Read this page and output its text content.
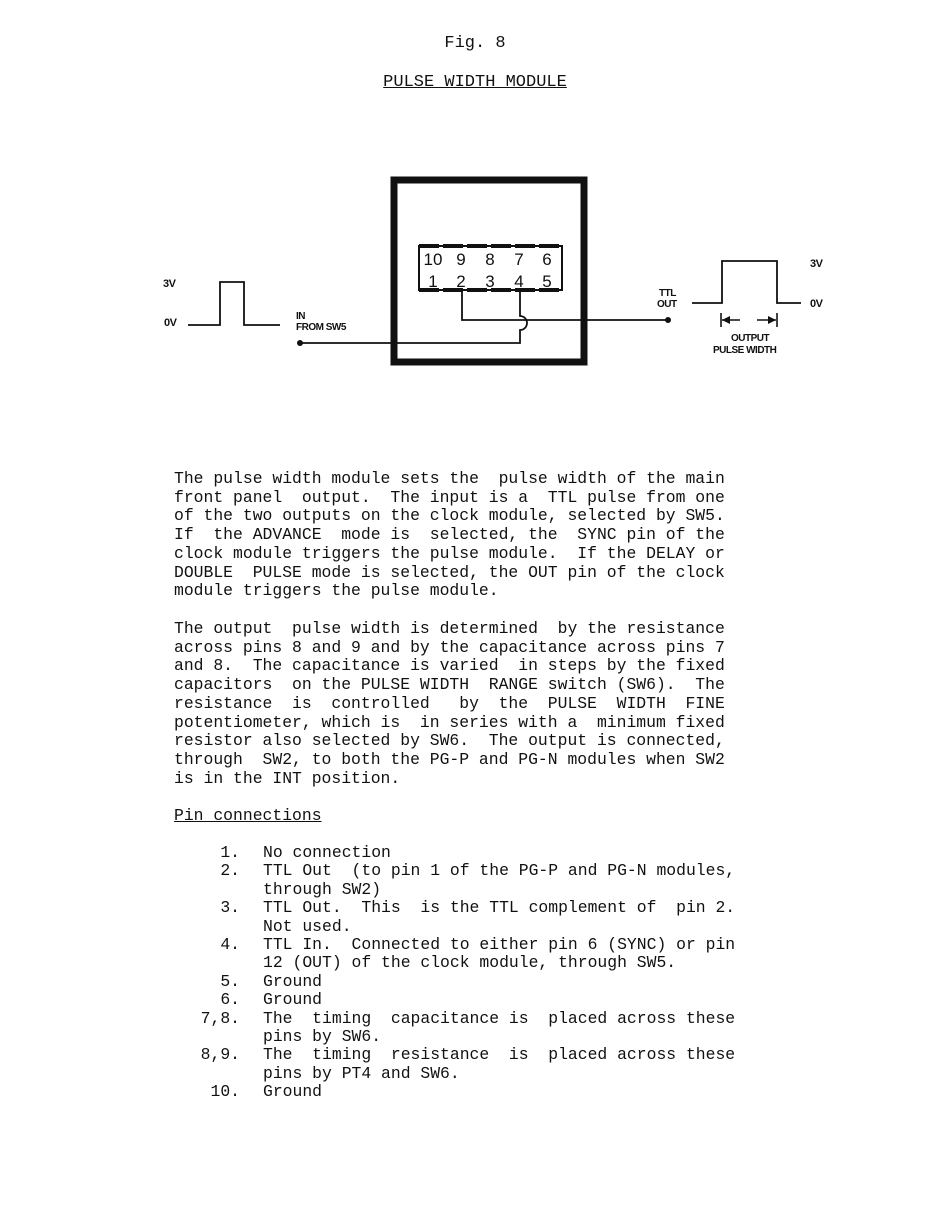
Fig. 8
PULSE WIDTH MODULE
10 9 8 7 6
1 2 3 4 5
3V
0V
IN
FROM SW5
TTL
OUT
3V
0V
OUTPUT
PULSE WIDTH

The pulse width module sets the  pulse width of the main
front panel  output.  The input is a  TTL pulse from one
of the two outputs on the clock module, selected by SW5.
If  the ADVANCE  mode is  selected, the  SYNC pin of the
clock module triggers the pulse module.  If the DELAY or
DOUBLE  PULSE mode is selected, the OUT pin of the clock
module triggers the pulse module.

The output  pulse width is determined  by the resistance
across pins 8 and 9 and by the capacitance across pins 7
and 8.  The capacitance is varied  in steps by the fixed
capacitors  on the PULSE WIDTH  RANGE switch (SW6).  The
resistance  is  controlled   by  the  PULSE  WIDTH  FINE
potentiometer, which is  in series with a  minimum fixed
resistor also selected by SW6.  The output is connected,
through  SW2, to both the PG-P and PG-N modules when SW2
is in the INT position.

Pin connections
1.	No connection
2.	TTL Out  (to pin 1 of the PG-P and PG-N modules,
through SW2)
3.	TTL Out.  This  is the TTL complement of  pin 2.
Not used.
4.	TTL In.  Connected to either pin 6 (SYNC) or pin
12 (OUT) of the clock module, through SW5.
5.	Ground
6.	Ground
7,8.	The  timing  capacitance is  placed across these
pins by SW6.
8,9.	The  timing  resistance  is  placed across these
pins by PT4 and SW6.
10.	Ground
